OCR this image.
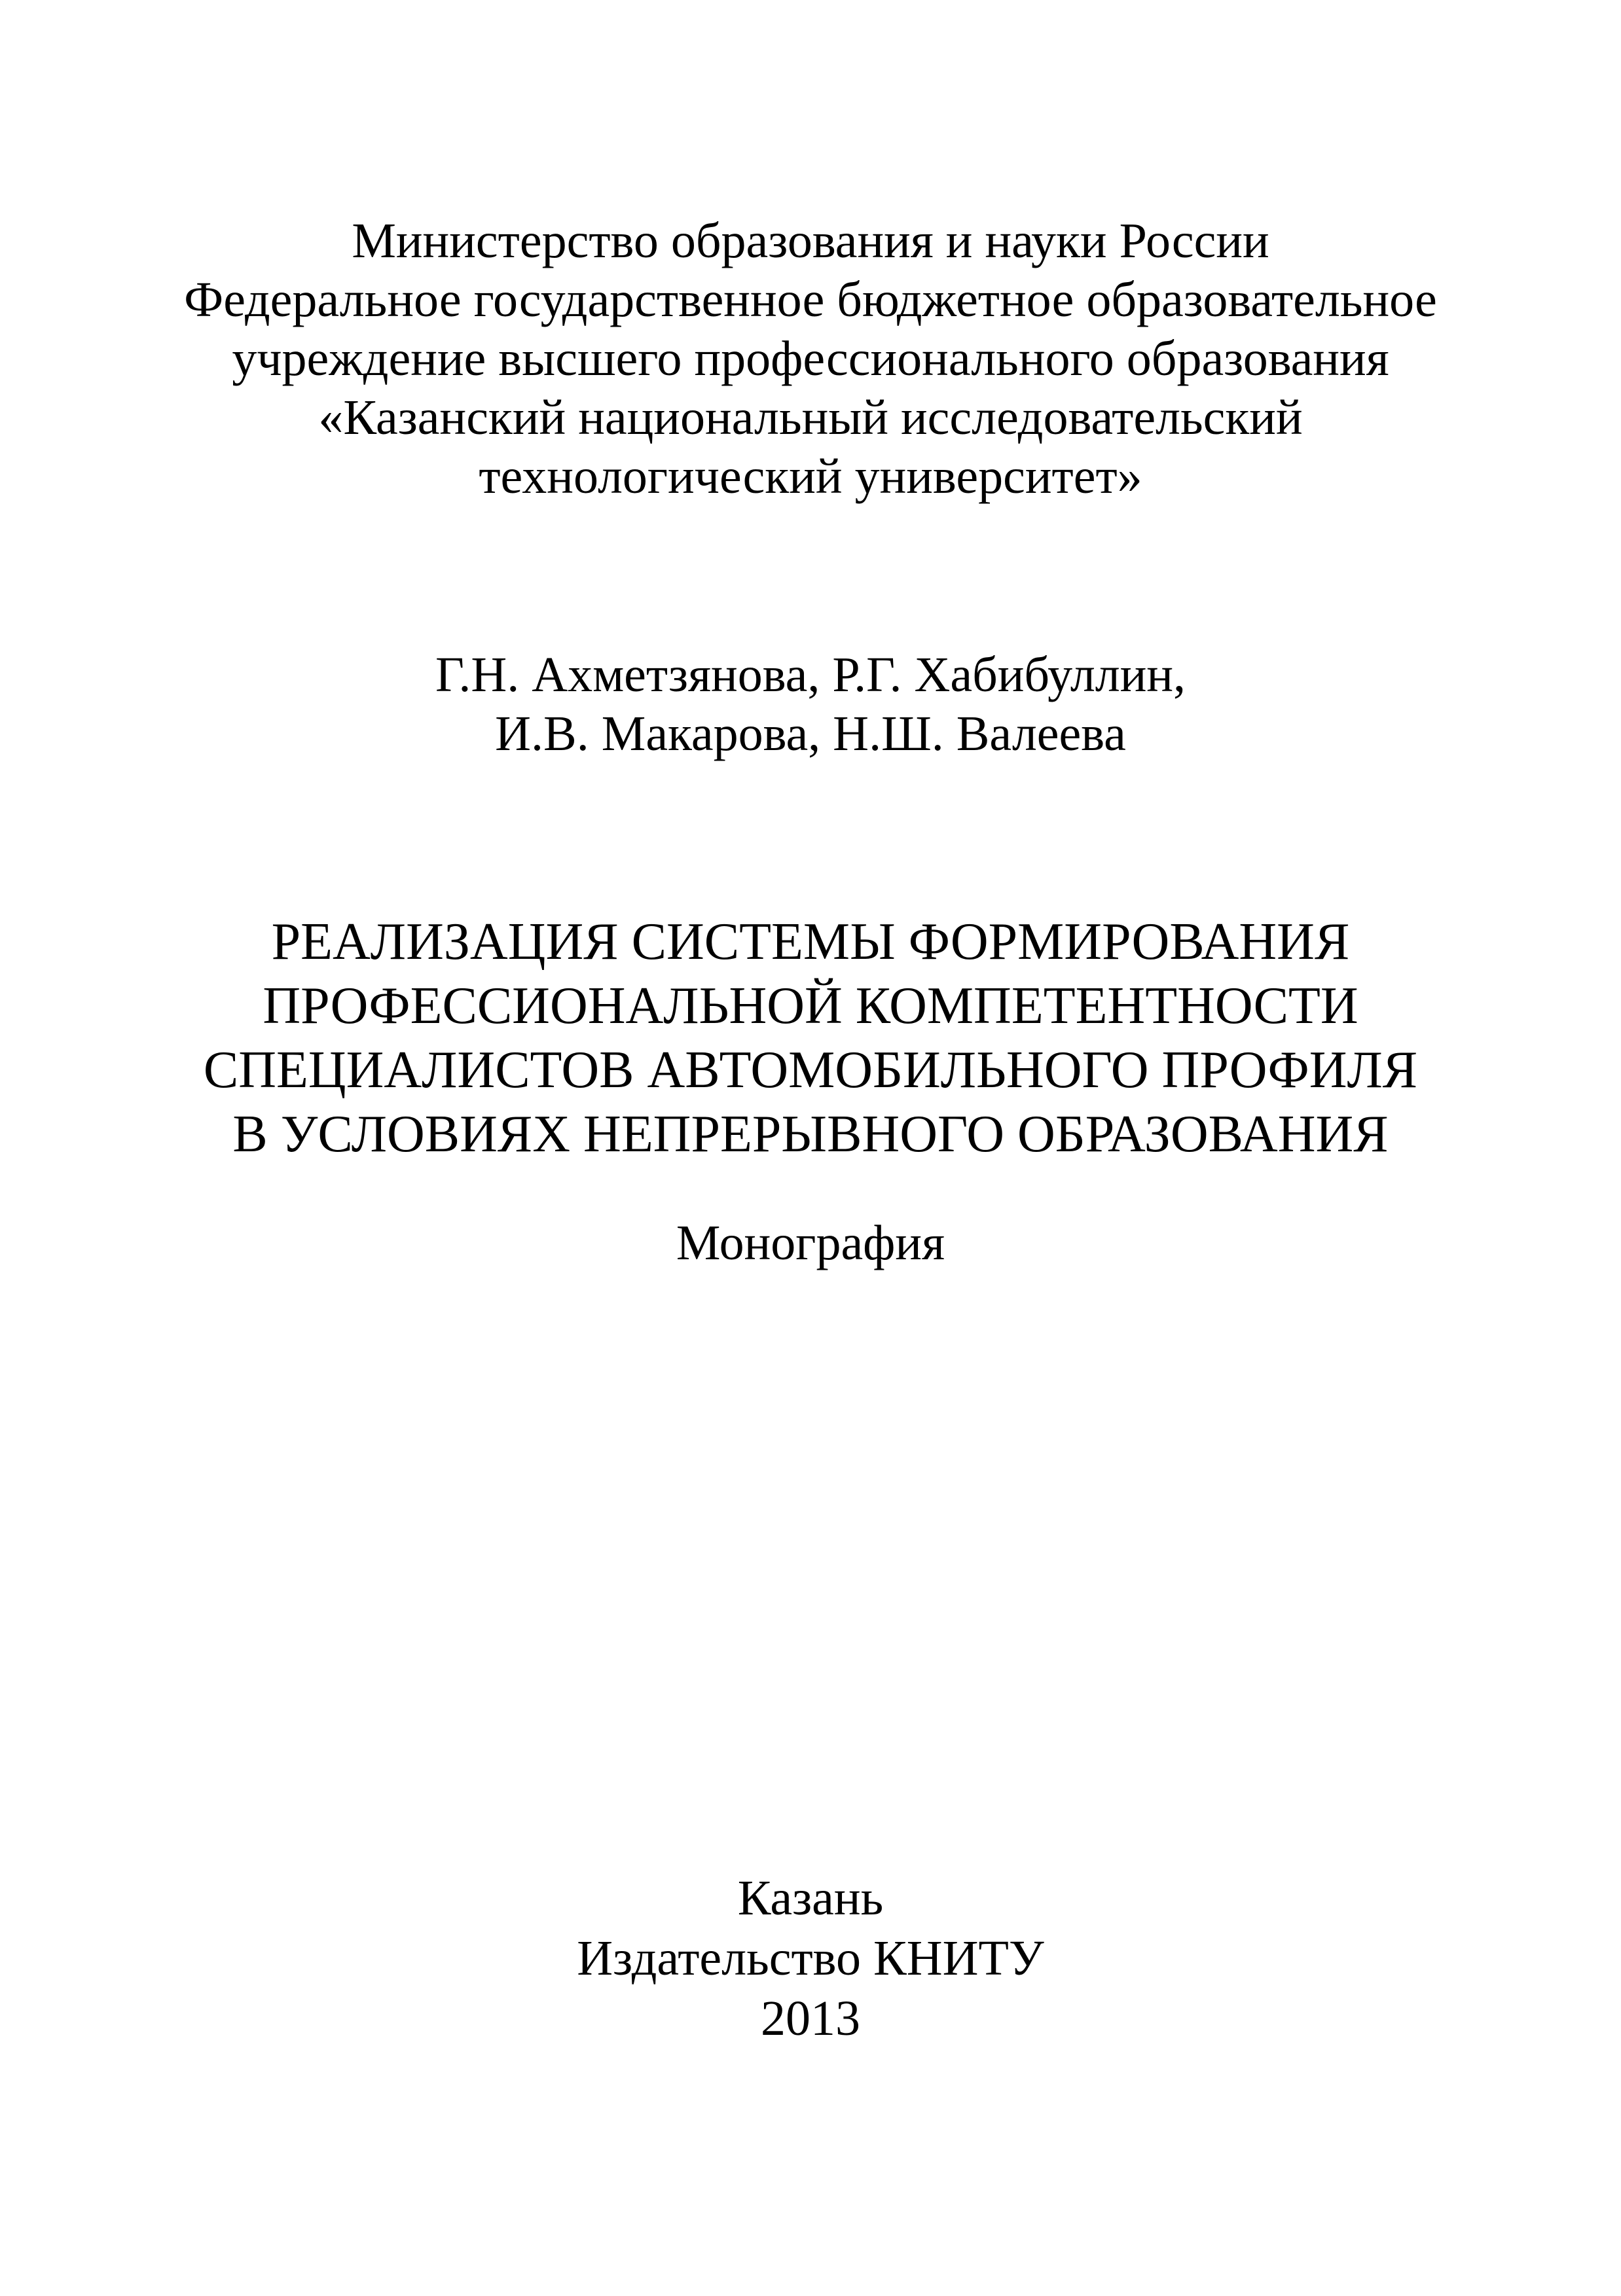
Министерство образования и науки России
Федеральное государственное бюджетное образовательное
учреждение высшего профессионального образования
«Казанский национальный исследовательский
технологический университет»
Г.Н. Ахметзянова, Р.Г. Хабибуллин,
И.В. Макарова, Н.Ш. Валеева
РЕАЛИЗАЦИЯ СИСТЕМЫ ФОРМИРОВАНИЯ
ПРОФЕССИОНАЛЬНОЙ КОМПЕТЕНТНОСТИ
СПЕЦИАЛИСТОВ АВТОМОБИЛЬНОГО ПРОФИЛЯ
В УСЛОВИЯХ НЕПРЕРЫВНОГО ОБРАЗОВАНИЯ
Монография
Казань
Издательство КНИТУ
2013
